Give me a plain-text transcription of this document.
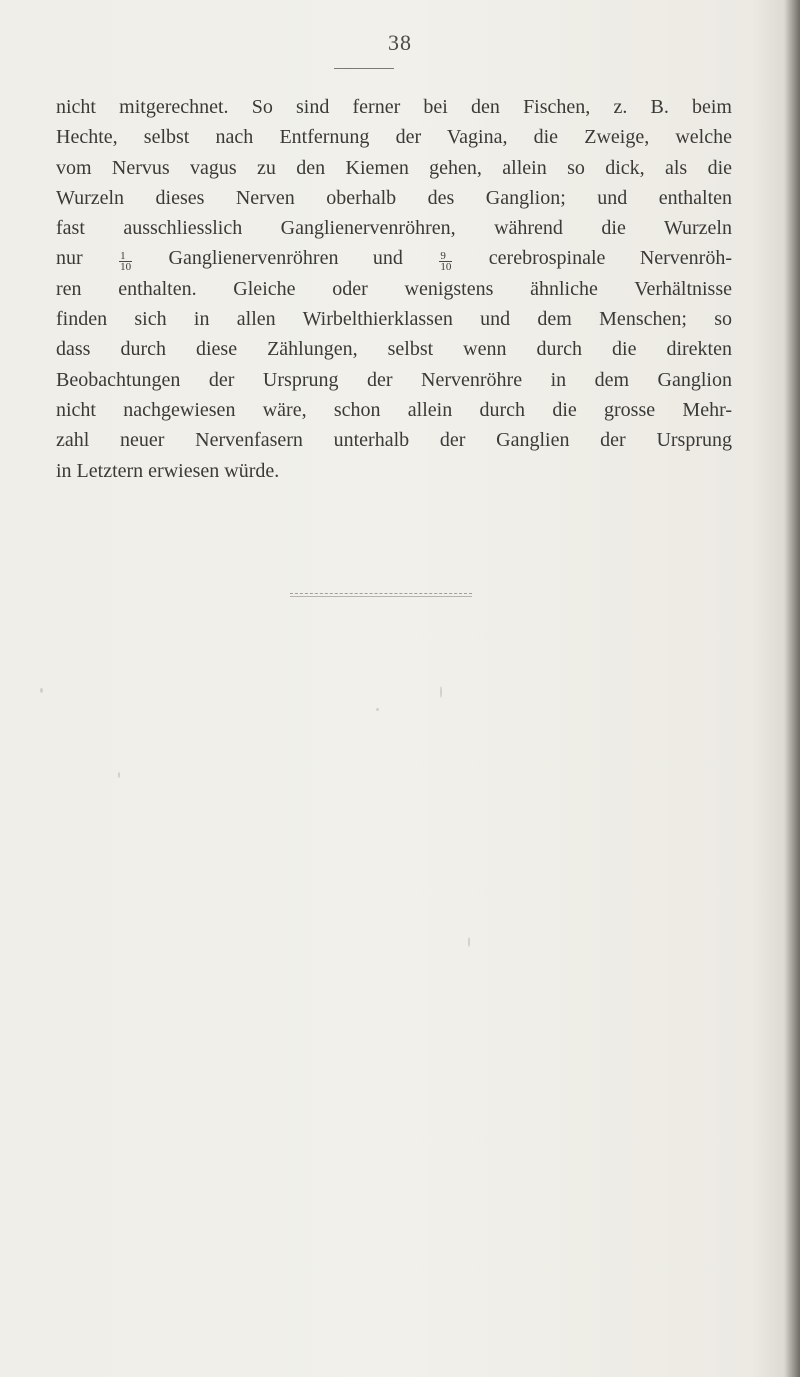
38
nicht mitgerechnet. So sind ferner bei den Fischen, z. B. beim
Hechte, selbst nach Entfernung der Vagina, die Zweige, welche
vom Nervus vagus zu den Kiemen gehen, allein so dick, als die
Wurzeln dieses Nerven oberhalb des Ganglion; und enthalten
fast ausschliesslich Ganglienervenröhren, während die Wurzeln
nur	$\frac{1}{10}$ Ganglienervenröhren und	$\frac{9}{10}$ cerebrospinale Nervenröh-
ren enthalten. Gleiche oder wenigstens ähnliche Verhältnisse
finden sich in allen Wirbelthierklassen und dem Menschen; so
dass durch diese Zählungen, selbst wenn durch die direkten
Beobachtungen der Ursprung der Nervenröhre in dem Ganglion
nicht nachgewiesen wäre, schon allein durch die grosse Mehr-
zahl neuer Nervenfasern unterhalb der Ganglien der Ursprung
in Letztern erwiesen würde.
